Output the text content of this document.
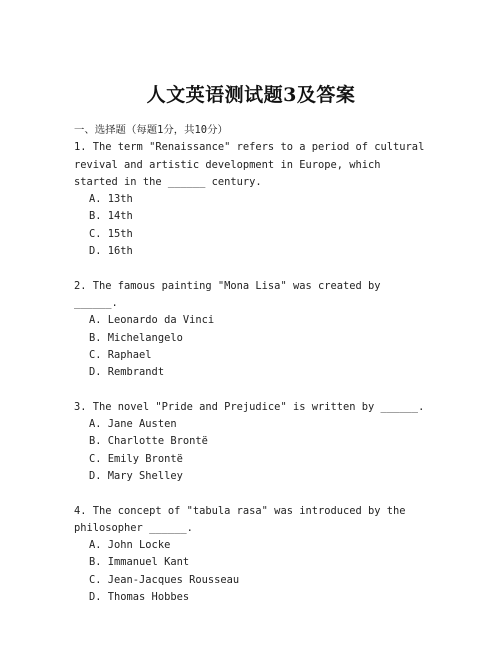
人文英语测试题3及答案
一、选择题（每题1分，共10分）
1. The term "Renaissance" refers to a period of cultural revival and artistic development in Europe, which started in the ______ century.
A. 13th
B. 14th
C. 15th
D. 16th
2. The famous painting "Mona Lisa" was created by ______.
A. Leonardo da Vinci
B. Michelangelo
C. Raphael
D. Rembrandt
3. The novel "Pride and Prejudice" is written by ______.
A. Jane Austen
B. Charlotte Brontë
C. Emily Brontë
D. Mary Shelley
4. The concept of "tabula rasa" was introduced by the philosopher ______.
A. John Locke
B. Immanuel Kant
C. Jean-Jacques Rousseau
D. Thomas Hobbes
